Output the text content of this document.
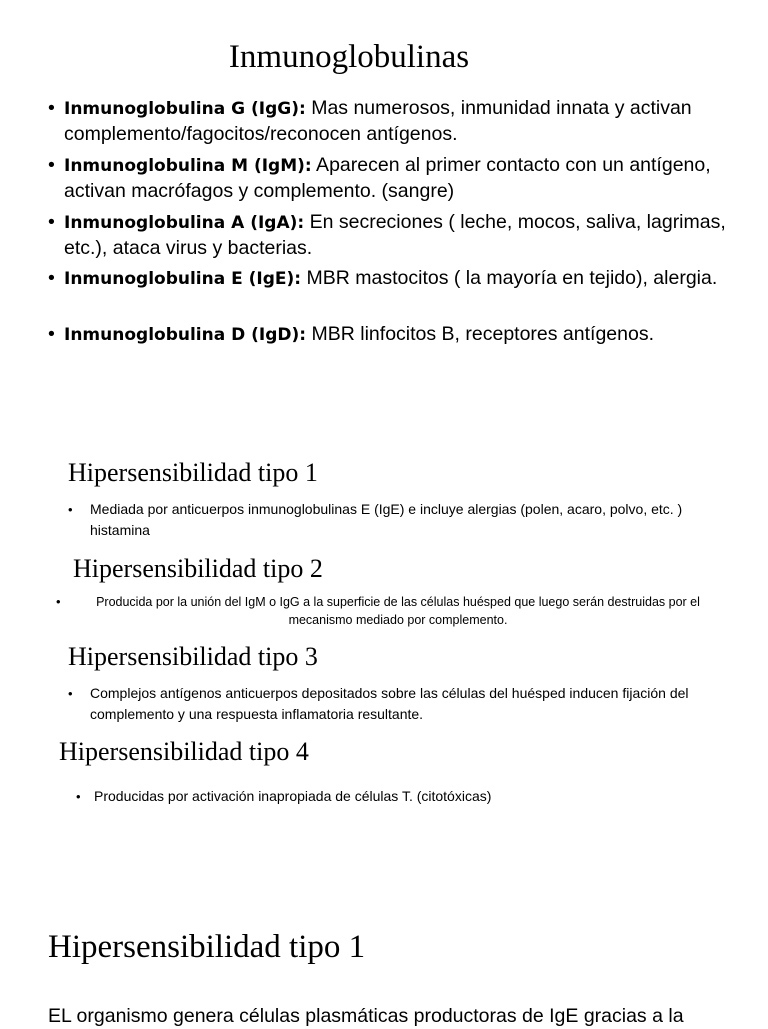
Inmunoglobulinas
• Inmunoglobulina G (IgG): Mas numerosos, inmunidad innata y activan complemento/fagocitos/reconocen antígenos.
• Inmunoglobulina M (IgM): Aparecen al primer contacto con un antígeno, activan macrófagos y complemento. (sangre)
• Inmunoglobulina A (IgA): En secreciones ( leche, mocos, saliva, lagrimas, etc.), ataca virus y bacterias.
• Inmunoglobulina E (IgE): MBR mastocitos ( la mayoría en tejido), alergia.
• Inmunoglobulina D (IgD): MBR linfocitos B, receptores antígenos.
Hipersensibilidad tipo 1
• Mediada por anticuerpos inmunoglobulinas E (IgE) e incluye alergias (polen, acaro, polvo, etc. ) histamina
Hipersensibilidad tipo 2
•	Producida por la unión del IgM o IgG a la superficie de las células huésped que luego serán destruidas por el mecanismo mediado por complemento.
Hipersensibilidad tipo 3
• Complejos antígenos anticuerpos depositados sobre las células del huésped inducen fijación del complemento y una respuesta inflamatoria resultante.
Hipersensibilidad tipo 4
• Producidas por activación inapropiada de células T. (citotóxicas)
Hipersensibilidad tipo 1
EL organismo genera células plasmáticas productoras de IgE gracias a la
